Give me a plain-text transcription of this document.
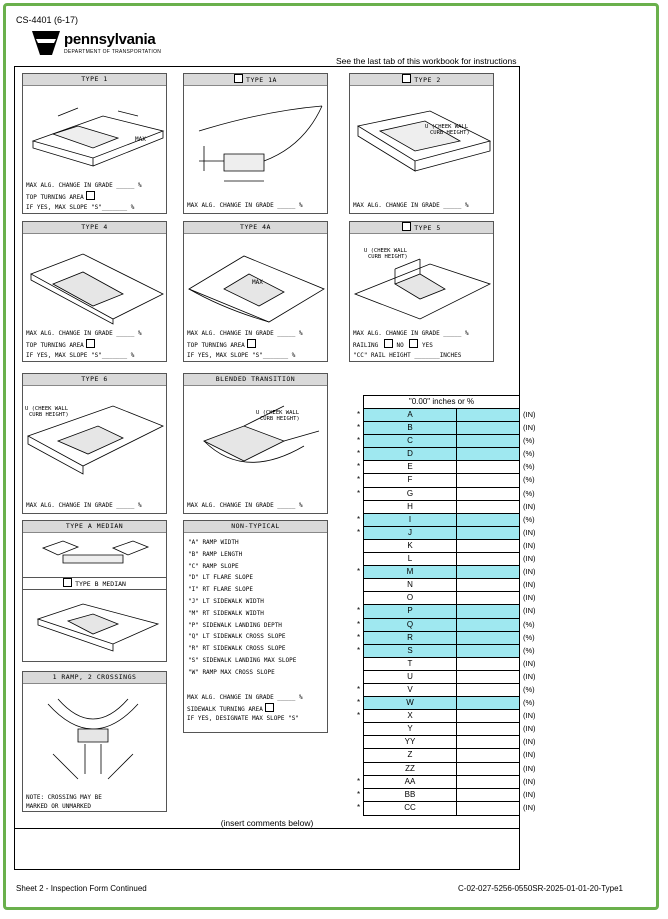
CS-4401 (6-17)
pennsylvania
DEPARTMENT OF TRANSPORTATION
See the last tab of this workbook for instructions
TYPE 1
MAX
MAX ALG. CHANGE IN GRADE _____ %
TOP TURNING AREA
IF YES, MAX SLOPE "S"_______ %
TYPE 1A
MAX ALG. CHANGE IN GRADE _____ %
TYPE 2
U (CHEEK WALL
CURB HEIGHT)
MAX ALG. CHANGE IN GRADE _____ %
TYPE 4
MAX ALG. CHANGE IN GRADE _____ %
TOP TURNING AREA
IF YES, MAX SLOPE "S"_______ %
TYPE 4A
MAX
MAX ALG. CHANGE IN GRADE _____ %
TOP TURNING AREA
IF YES, MAX SLOPE "S"_______ %
TYPE 5
U (CHEEK WALL
CURB HEIGHT)
MAX ALG. CHANGE IN GRADE _____ %
RAILING	NO	YES
"CC" RAIL HEIGHT _______INCHES
TYPE 6
U (CHEEK WALL
CURB HEIGHT)
MAX ALG. CHANGE IN GRADE _____ %
BLENDED TRANSITION
U (CHEEK WALL
CURB HEIGHT)
MAX ALG. CHANGE IN GRADE _____ %
TYPE A MEDIAN
TYPE B MEDIAN
NON-TYPICAL
"A" RAMP WIDTH
"B" RAMP LENGTH
"C" RAMP SLOPE
"D" LT FLARE SLOPE
"I" RT FLARE SLOPE
"J" LT SIDEWALK WIDTH
"M" RT SIDEWALK WIDTH
"P" SIDEWALK LANDING DEPTH
"Q" LT SIDEWALK CROSS SLOPE
"R" RT SIDEWALK CROSS SLOPE
"S" SIDEWALK LANDING MAX SLOPE
"W" RAMP MAX CROSS SLOPE
MAX ALG. CHANGE IN GRADE _____ %
SIDEWALK TURNING AREA
IF YES, DESIGNATE MAX SLOPE "S"
1 RAMP, 2 CROSSINGS
NOTE: CROSSING MAY BE
MARKED OR UNMARKED
"0.00" inches or %
*	A	(IN)
*	B	(IN)
*	C	(%)
*	D	(%)
*	E	(%)
*	F	(%)
*	G	(%)
H	(IN)
*	I	(%)
*	J	(IN)
K	(IN)
L	(IN)
*	M	(IN)
N	(IN)
O	(IN)
*	P	(IN)
*	Q	(%)
*	R	(%)
*	S	(%)
T	(IN)
U	(IN)
*	V	(%)
*	W	(%)
*	X	(IN)
Y	(IN)
YY	(IN)
Z	(IN)
ZZ	(IN)
*	AA	(IN)
*	BB	(IN)
*	CC	(IN)
(insert comments below)
Sheet 2 - Inspection Form Continued	C-02-027-5256-0550SR-2025-01-01-20-Type1
